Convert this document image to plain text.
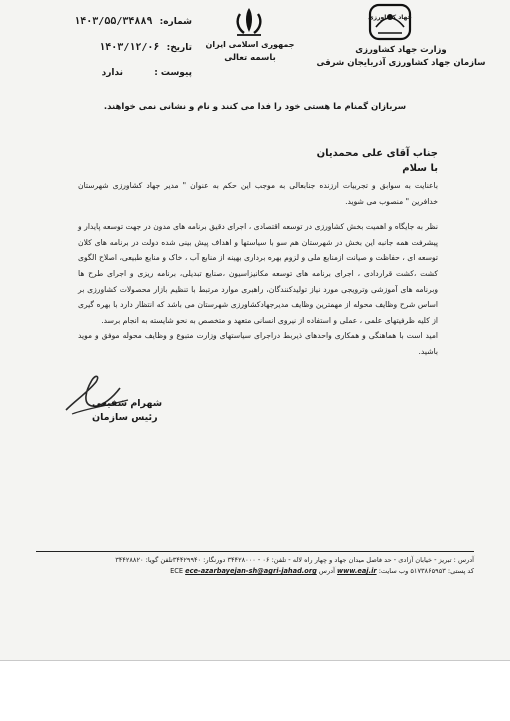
جهاد کشاورزی
وزارت جهاد کشاورزی
سازمان جهاد کشاورزی آذربایجان شرقی
جمهوری اسلامی ایران
باسمه تعالی
شماره: ۱۴۰۳/۵۵/۳۴۸۸۹
تاریخ: ۱۴۰۳/۱۲/۰۶
پیوست : ندارد
سربازان گمنام ما هستی خود را فدا می کنند و نام و نشانی نمی خواهند.
جناب آقای علی محمدیان
با سلام

باعنایت به سوابق و تجربیات ارزنده جنابعالی به موجب این حکم به عنوان " مدیر جهاد کشاورزی شهرستان خدافرین " منصوب می شوید.

نظر به جایگاه و اهمیت بخش کشاورزی در توسعه اقتصادی ، اجرای دقیق برنامه های مدون در جهت توسعه پایدار و پیشرفت همه جانبه این بخش در شهرستان هم سو با سیاستها و اهداف پیش بینی شده دولت در برنامه های کلان توسعه ای ، حفاظت و صیانت ازمنابع ملی و لزوم بهره برداری بهینه از منابع آب ، خاک و منابع طبیعی، اصلاح الگوی کشت ،کشت قراردادی ، اجرای برنامه های توسعه مکانیزاسیون ،صنایع تبدیلی، برنامه ریزی و اجرای طرح ها وبرنامه های آموزشی وترویجی مورد نیاز تولیدکنندگان، راهبری موارد مرتبط با تنظیم بازار محصولات کشاورزی بر اساس شرح وظایف محوله از مهمترین وظایف مدیرجهادکشاورزی شهرستان می باشد که انتظار دارد با بهره گیری از کلیه ظرفیتهای علمی ، عملی و استفاده از نیروی انسانی متعهد و متخصص به نحو شایسته به انجام برسد.

امید است با هماهنگی و همکاری واحدهای ذیربط دراجرای سیاستهای وزارت متبوع و وظایف محوله موفق و موید باشید.

شهرام شفیعی
رئیس سازمان
آدرس : تبریز - خیابان آزادی - حد فاصل میدان جهاد و چهار راه لاله - تلفن: ۰۶ - ۳۴۴۲۸۰۰۰ دورنگار: ۳۴۴۲۹۹۴۰تلفن گویا: ۳۴۴۲۸۸۲۰
کد پستی: ۵۱۷۳۸۶۵۹۵۳ وب سایت: www.eaj.ir آدرس ECE ece-azarbayejan-sh@agri-jahad.org
